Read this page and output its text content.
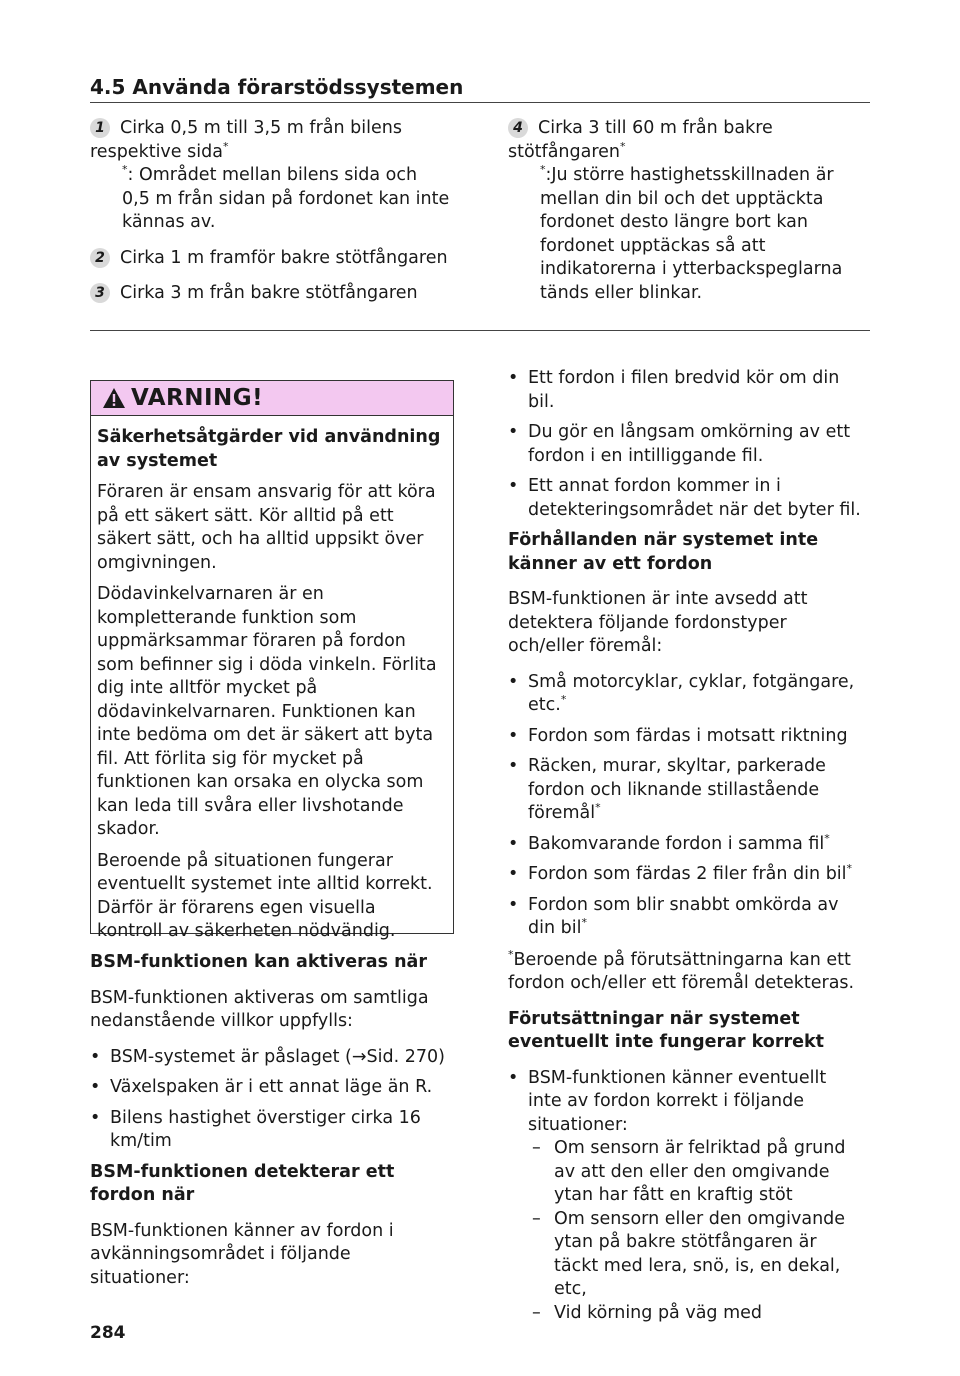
4.5 Använda förarstödssystemen
1 Cirka 0,5 m till 3,5 m från bilens respektive sida*
*: Området mellan bilens sida och 0,5 m från sidan på fordonet kan inte kännas av.
2 Cirka 1 m framför bakre stötfångaren
3 Cirka 3 m från bakre stötfångaren
4 Cirka 3 till 60 m från bakre stötfångaren*
*:Ju större hastighetsskillnaden är mellan din bil och det upptäckta fordonet desto längre bort kan fordonet upptäckas så att indikatorerna i ytterbackspeglarna tänds eller blinkar.
VARNING!

Säkerhetsåtgärder vid användning av systemet

Föraren är ensam ansvarig för att köra på ett säkert sätt. Kör alltid på ett säkert sätt, och ha alltid uppsikt över omgivningen.

Dödavinkelvarnaren är en kompletterande funktion som uppmärksammar föraren på fordon som befinner sig i döda vinkeln. Förlita dig inte alltför mycket på dödavinkelvarnaren. Funktionen kan inte bedöma om det är säkert att byta fil. Att förlita sig för mycket på funktionen kan orsaka en olycka som kan leda till svåra eller livshotande skador.

Beroende på situationen fungerar eventuellt systemet inte alltid korrekt. Därför är förarens egen visuella kontroll av säkerheten nödvändig.

BSM-funktionen kan aktiveras när

BSM-funktionen aktiveras om samtliga nedanstående villkor uppfylls:

• BSM-systemet är påslaget (→Sid. 270)
• Växelspaken är i ett annat läge än R.
• Bilens hastighet överstiger cirka 16 km/tim

BSM-funktionen detekterar ett fordon när

BSM-funktionen känner av fordon i avkänningsområdet i följande situationer:

• Ett fordon i filen bredvid kör om din bil.
• Du gör en långsam omkörning av ett fordon i en intilliggande fil.
• Ett annat fordon kommer in i detekteringsområdet när det byter fil.

Förhållanden när systemet inte känner av ett fordon

BSM-funktionen är inte avsedd att detektera följande fordonstyper och/eller föremål:

• Små motorcyklar, cyklar, fotgängare, etc.*
• Fordon som färdas i motsatt riktning
• Räcken, murar, skyltar, parkerade fordon och liknande stillastående föremål*
• Bakomvarande fordon i samma fil*
• Fordon som färdas 2 filer från din bil*
• Fordon som blir snabbt omkörda av din bil*

*Beroende på förutsättningarna kan ett fordon och/eller ett föremål detekteras.

Förutsättningar när systemet eventuellt inte fungerar korrekt

• BSM-funktionen känner eventuellt inte av fordon korrekt i följande situationer:
– Om sensorn är felriktad på grund av att den eller den omgivande ytan har fått en kraftig stöt
– Om sensorn eller den omgivande ytan på bakre stötfångaren är täckt med lera, snö, is, en dekal, etc,
– Vid körning på väg med
284
